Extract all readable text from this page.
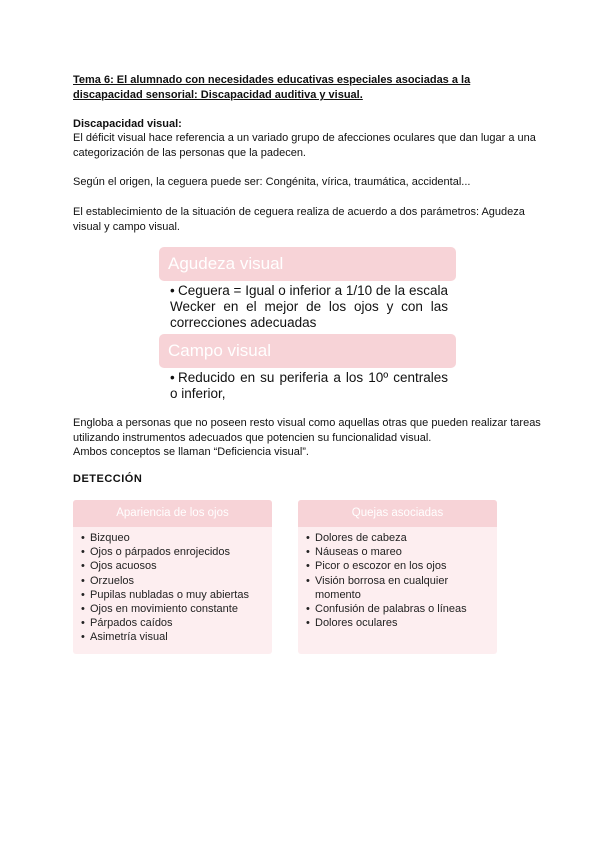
Tema 6: El alumnado con necesidades educativas especiales asociadas a la discapacidad sensorial: Discapacidad auditiva y visual.
Discapacidad visual:
El déficit visual hace referencia a un variado grupo de afecciones oculares que dan lugar a una categorización de las personas que la padecen.
Según el origen, la ceguera puede ser: Congénita, vírica, traumática, accidental...
El establecimiento de la situación de ceguera realiza de acuerdo a dos parámetros: Agudeza visual y campo visual.
Agudeza visual
• Ceguera = Igual o inferior a 1/10 de la escala Wecker en el mejor de los ojos y con las correcciones adecuadas
Campo visual
• Reducido en su periferia a los 10º centrales o inferior,
Engloba a personas que no poseen resto visual como aquellas otras que pueden realizar tareas utilizando instrumentos adecuados que potencien su funcionalidad visual.
Ambos conceptos se llaman “Deficiencia visual”.
DETECCIÓN
Apariencia de los ojos
• Bizqueo
• Ojos o párpados enrojecidos
• Ojos acuosos
• Orzuelos
• Pupilas nubladas o muy abiertas
• Ojos en movimiento constante
• Párpados caídos
• Asimetría visual
Quejas asociadas
• Dolores de cabeza
• Náuseas o mareo
• Picor o escozor en los ojos
• Visión borrosa en cualquier momento
• Confusión de palabras o líneas
• Dolores oculares
